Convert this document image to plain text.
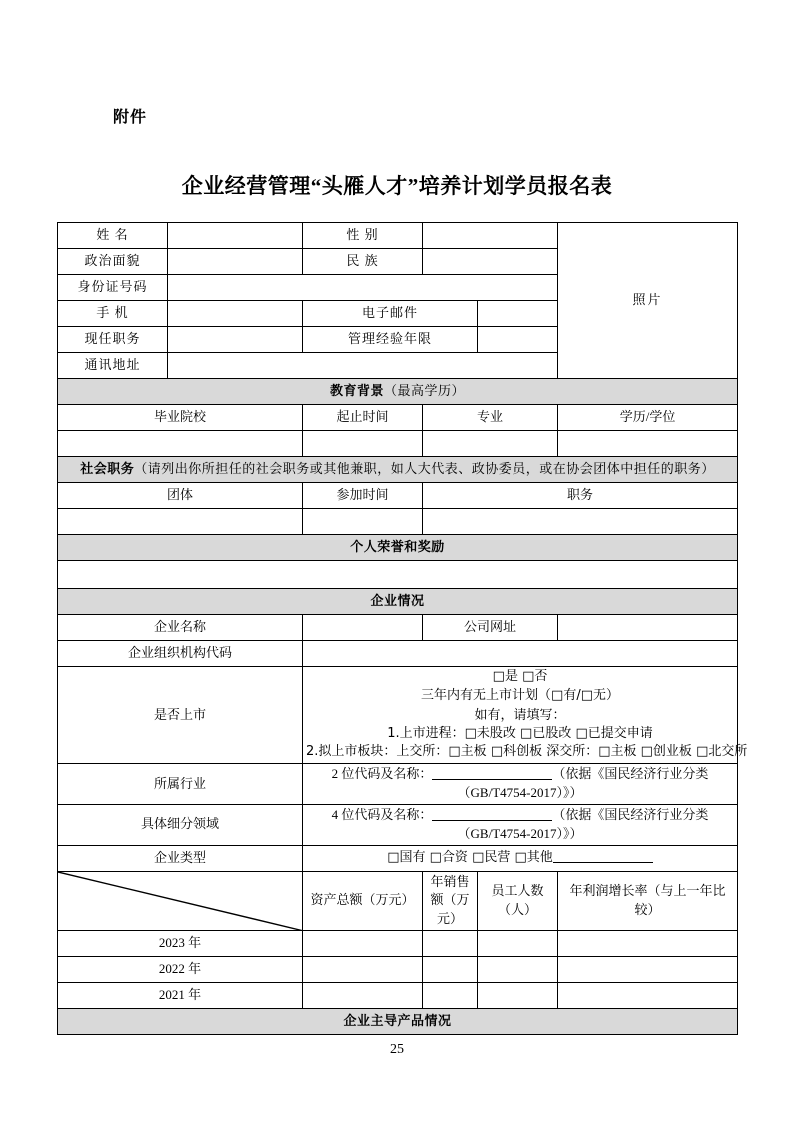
附件
企业经营管理“头雁人才”培养计划学员报名表
姓 名		性 别			照片
政治面貌		民 族			
身份证号码					
手 机		电子邮件			
现任职务		管理经验年限			
通讯地址					
教育背景（最高学历）					
毕业院校		起止时间	专业		学历/学位

社会职务（请列出你所担任的社会职务或其他兼职，如人大代表、政协委员，或在协会团体中担任的职务）					
团体		参加时间	职务		

个人荣誉和奖励					

企业情况					
企业名称			公司网址		
企业组织机构代码					
是否上市		□是 □否
三年内有无上市计划（□有/□无）
如有，请填写：
1.上市进程：□未股改 □已股改 □已提交申请
2.拟上市板块：上交所：□主板 □科创板 深交所：□主板 □创业板 □北交所			

所属行业		2 位代码及名称： （依据《国民经济行业分类（GB/T4754-2017）》）			
具体细分领域		4 位代码及名称： （依据《国民经济行业分类（GB/T4754-2017）》）			
企业类型		□国有 □合资 □民营 □其他			

	资产总额（万元）	年销售额（万元）	员工人数（人）	年利润增长率（与上一年比较）
2023 年					
2022 年					
2021 年					
企业主导产品情况					
25
